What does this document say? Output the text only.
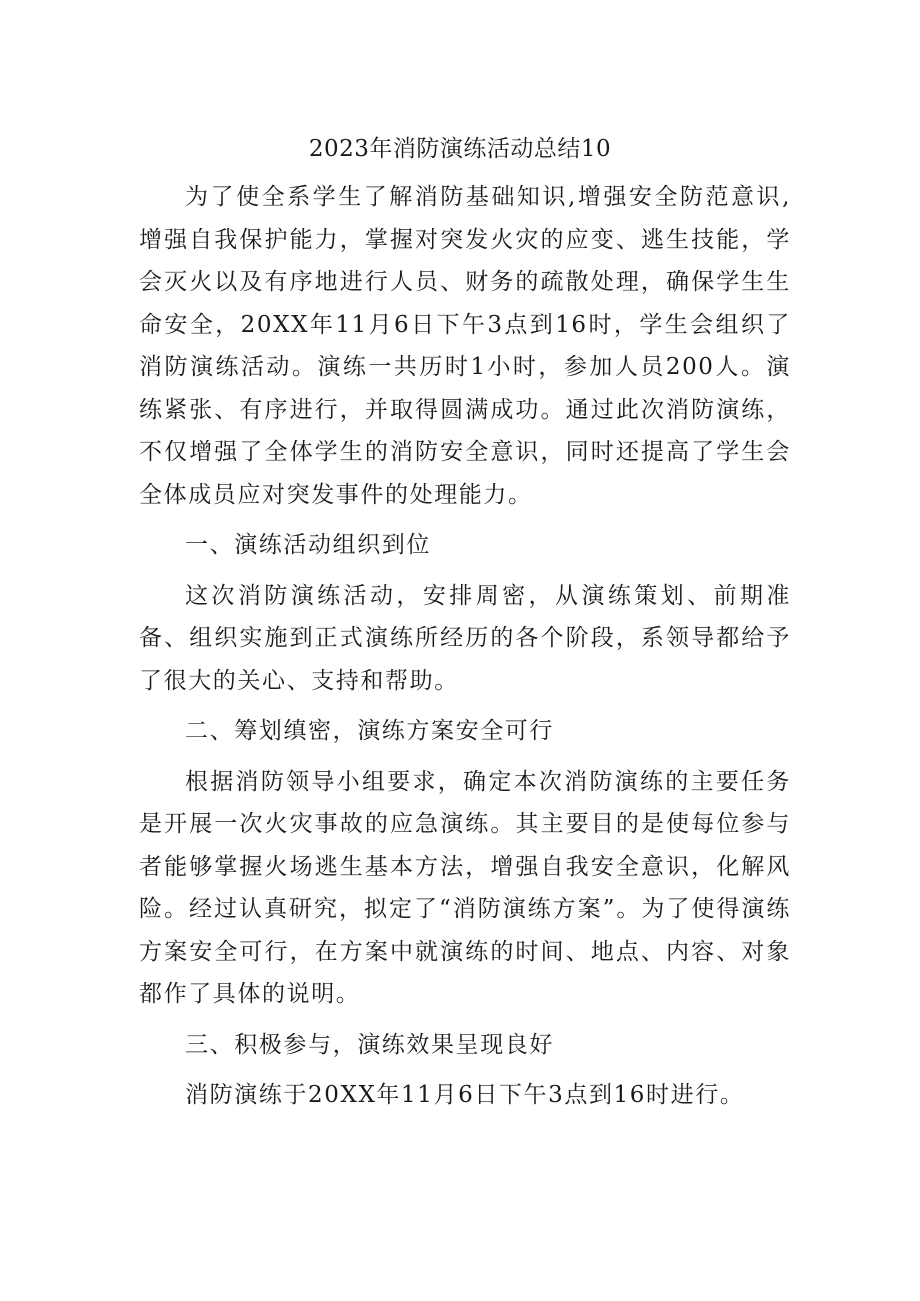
2023年消防演练活动总结10

为了使全系学生了解消防基础知识,增强安全防范意识,增强自我保护能力，掌握对突发火灾的应变、逃生技能，学会灭火以及有序地进行人员、财务的疏散处理，确保学生生命安全，20XX年11月6日下午3点到16时，学生会组织了消防演练活动。演练一共历时1小时，参加人员200人。演练紧张、有序进行，并取得圆满成功。通过此次消防演练，不仅增强了全体学生的消防安全意识，同时还提高了学生会全体成员应对突发事件的处理能力。

一、演练活动组织到位

这次消防演练活动，安排周密，从演练策划、前期准备、组织实施到正式演练所经历的各个阶段，系领导都给予了很大的关心、支持和帮助。

二、筹划缜密，演练方案安全可行

根据消防领导小组要求，确定本次消防演练的主要任务是开展一次火灾事故的应急演练。其主要目的是使每位参与者能够掌握火场逃生基本方法，增强自我安全意识，化解风险。经过认真研究，拟定了“消防演练方案”。为了使得演练方案安全可行，在方案中就演练的时间、地点、内容、对象都作了具体的说明。

三、积极参与，演练效果呈现良好

消防演练于20XX年11月6日下午3点到16时进行。
